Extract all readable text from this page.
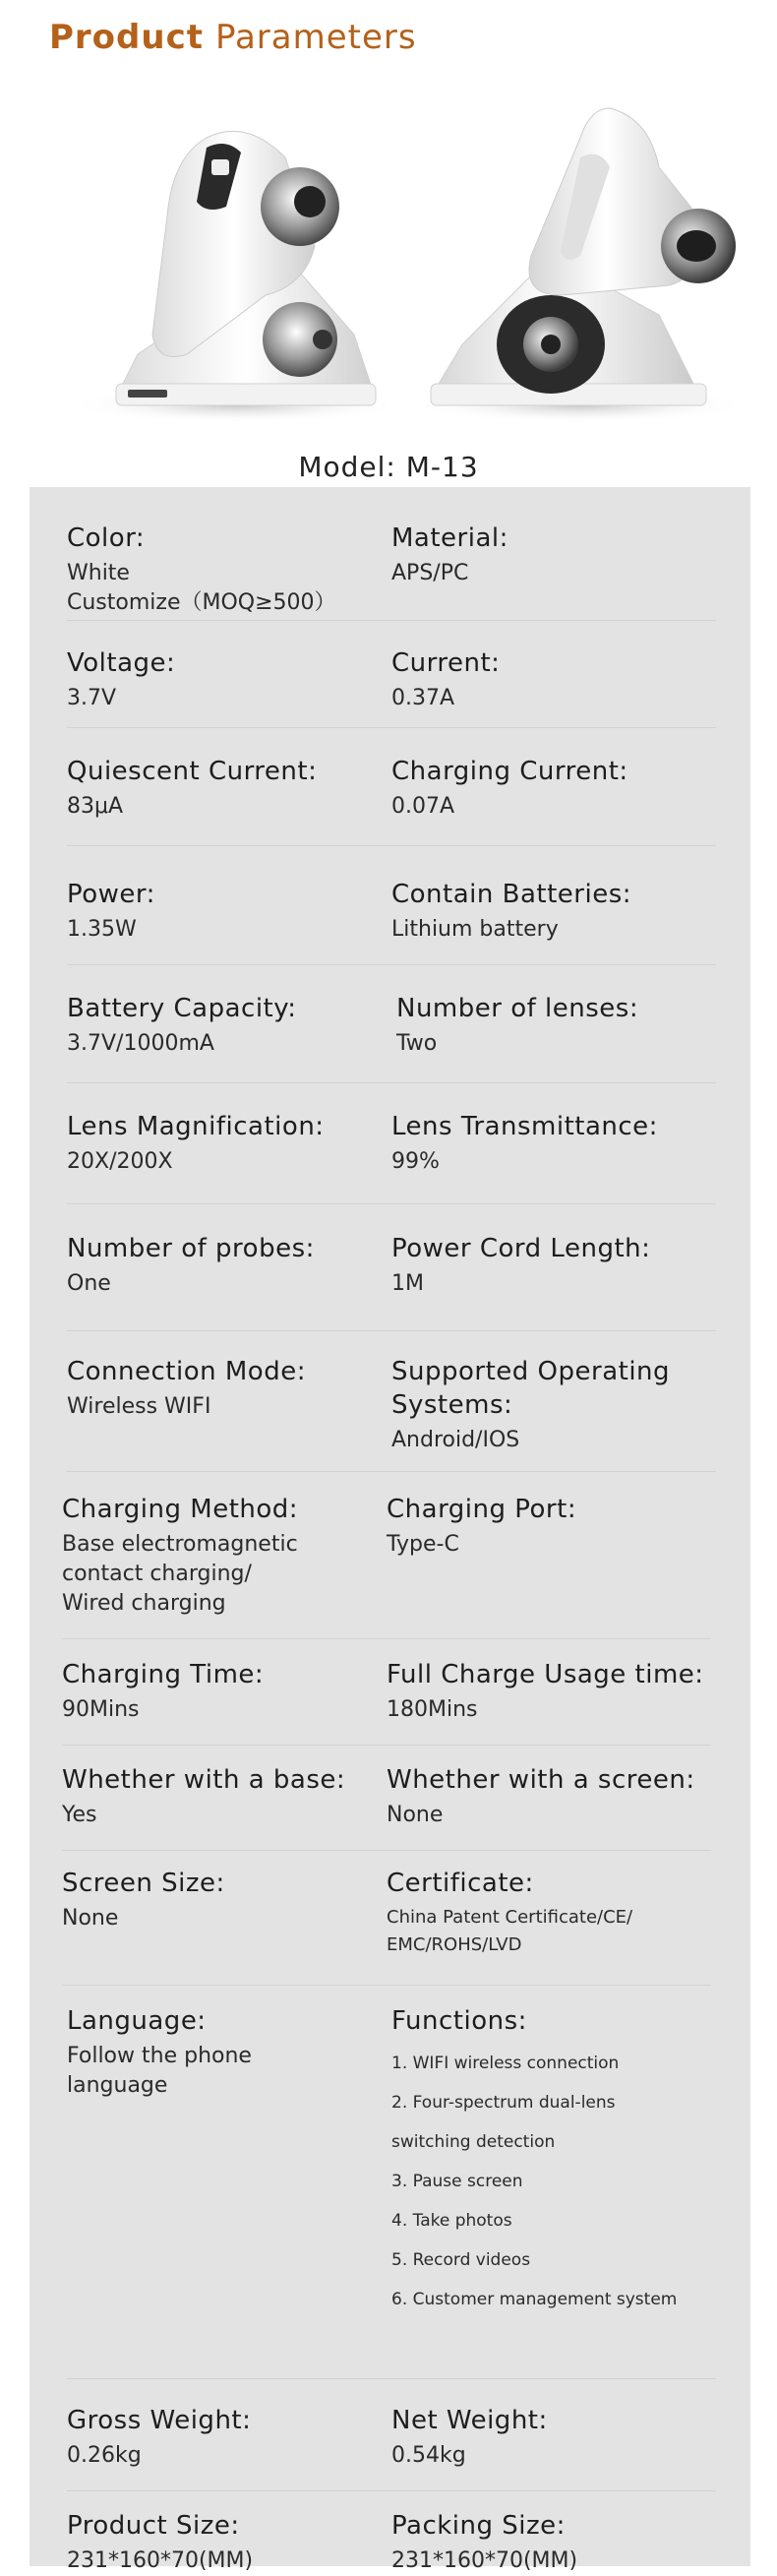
Product Parameters
Model: M-13
Color:
White
Customize（MOQ≥500）
Material:
APS/PC
Voltage:
3.7V
Current:
0.37A
Quiescent Current:
83μA
Charging Current:
0.07A
Power:
1.35W
Contain Batteries:
Lithium battery
Battery Capacity:
3.7V/1000mA
Number of lenses:
Two
Lens Magnification:
20X/200X
Lens Transmittance:
99%
Number of probes:
One
Power Cord Length:
1M
Connection Mode:
Wireless WIFI
Supported Operating
Systems:
Android/IOS
Charging Method:
Base electromagnetic
contact charging/
Wired charging
Charging Port:
Type-C
Charging Time:
90Mins
Full Charge Usage time:
180Mins
Whether with a base:
Yes
Whether with a screen:
None
Screen Size:
None
Certificate:
China Patent Certificate/CE/
EMC/ROHS/LVD
Language:
Follow the phone
language
Functions:
1. WIFI wireless connection
2. Four-spectrum dual-lens
switching detection
3. Pause screen
4. Take photos
5. Record videos
6. Customer management system
Gross Weight:
0.26kg
Net Weight:
0.54kg
Product Size:
231*160*70(MM)
Packing Size:
231*160*70(MM)
